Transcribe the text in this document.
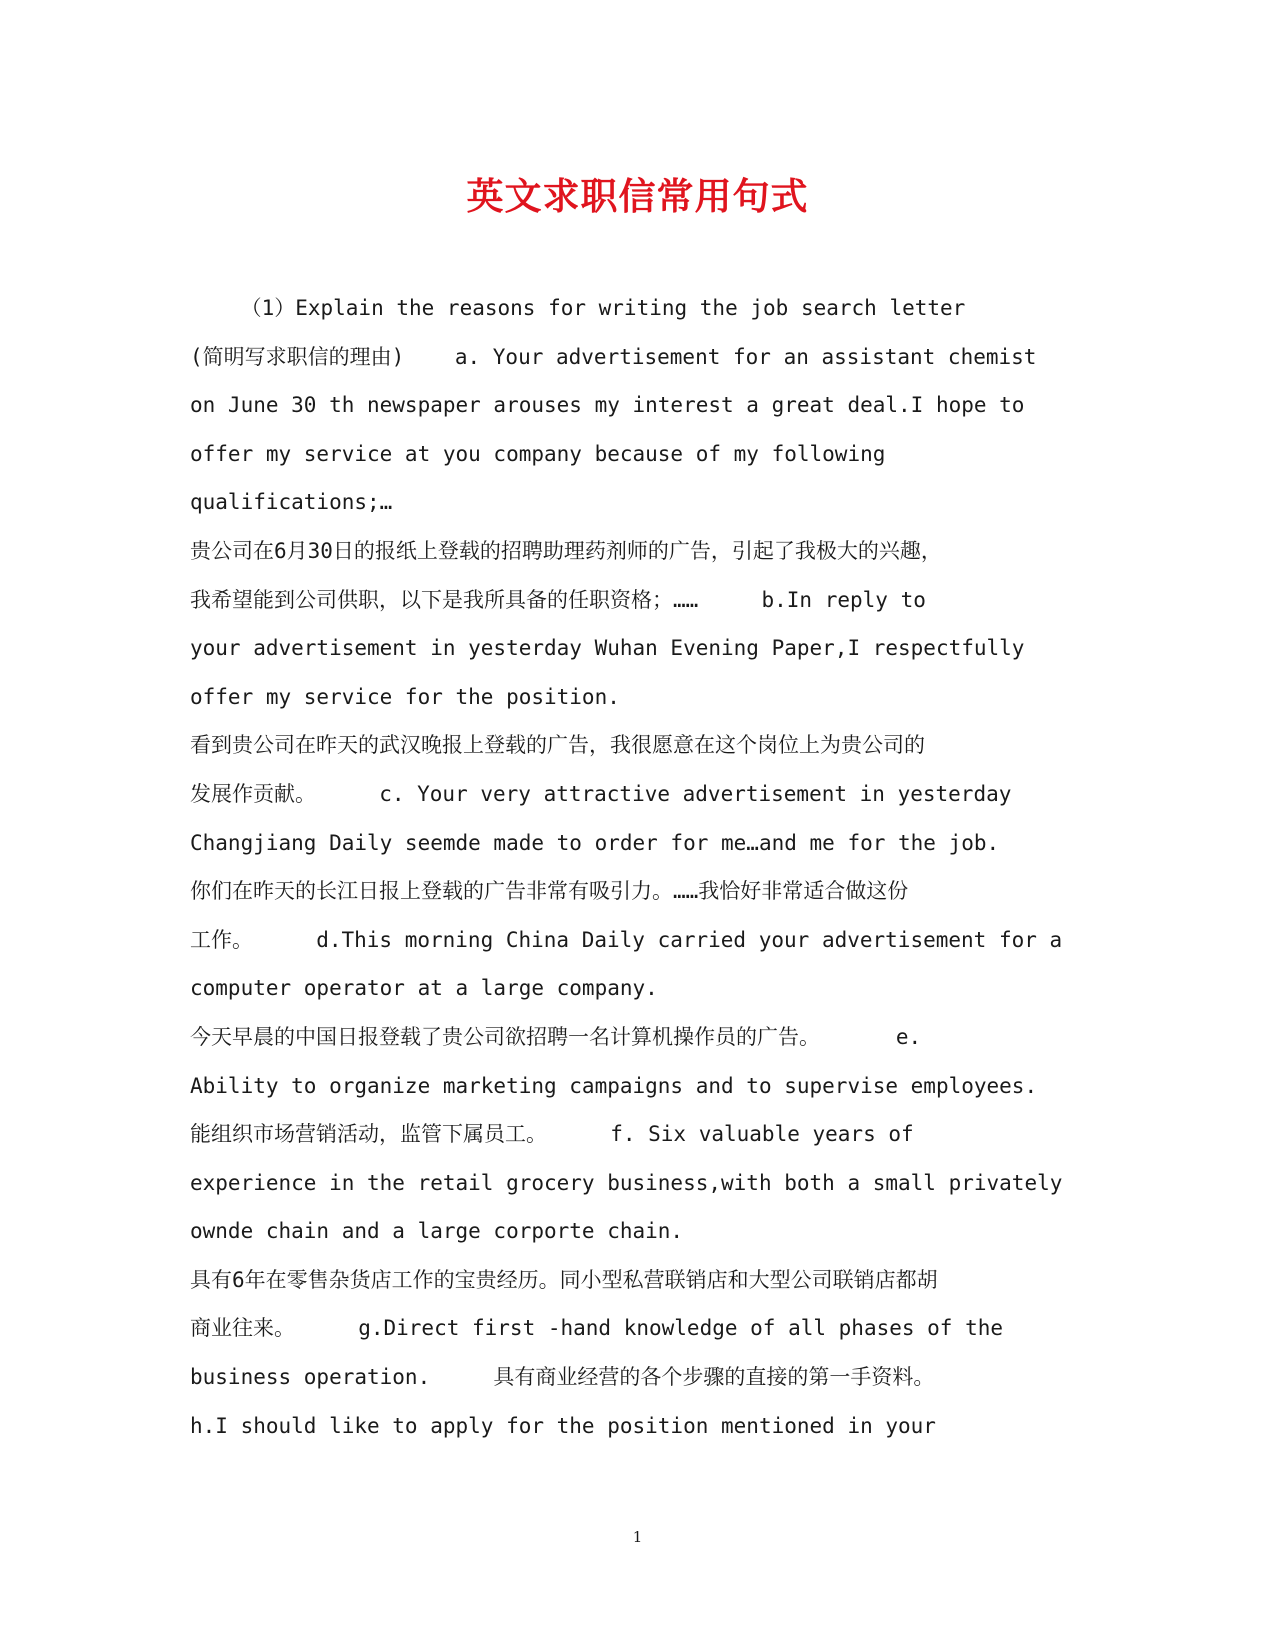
英文求职信常用句式
（1）Explain the reasons for writing the job search letter
(简明写求职信的理由)    a. Your advertisement for an assistant chemist
on June 30 th newspaper arouses my interest a great deal.I hope to
offer my service at you company because of my following
qualifications;…
贵公司在6月30日的报纸上登载的招聘助理药剂师的广告，引起了我极大的兴趣，
我希望能到公司供职，以下是我所具备的任职资格；……     b.In reply to
your advertisement in yesterday Wuhan Evening Paper,I respectfully
offer my service for the position.
看到贵公司在昨天的武汉晚报上登载的广告，我很愿意在这个岗位上为贵公司的
发展作贡献。     c. Your very attractive advertisement in yesterday
Changjiang Daily seemde made to order for me…and me for the job.
你们在昨天的长江日报上登载的广告非常有吸引力。……我恰好非常适合做这份
工作。     d.This morning China Daily carried your advertisement for a
computer operator at a large company.
今天早晨的中国日报登载了贵公司欲招聘一名计算机操作员的广告。      e.
Ability to organize marketing campaigns and to supervise employees.
能组织市场营销活动，监管下属员工。     f. Six valuable years of
experience in the retail grocery business,with both a small privately
ownde chain and a large corporte chain.
具有6年在零售杂货店工作的宝贵经历。同小型私营联销店和大型公司联销店都胡
商业往来。     g.Direct first -hand knowledge of all phases of the
business operation.     具有商业经营的各个步骤的直接的第一手资料。
h.I should like to apply for the position mentioned in your
1
